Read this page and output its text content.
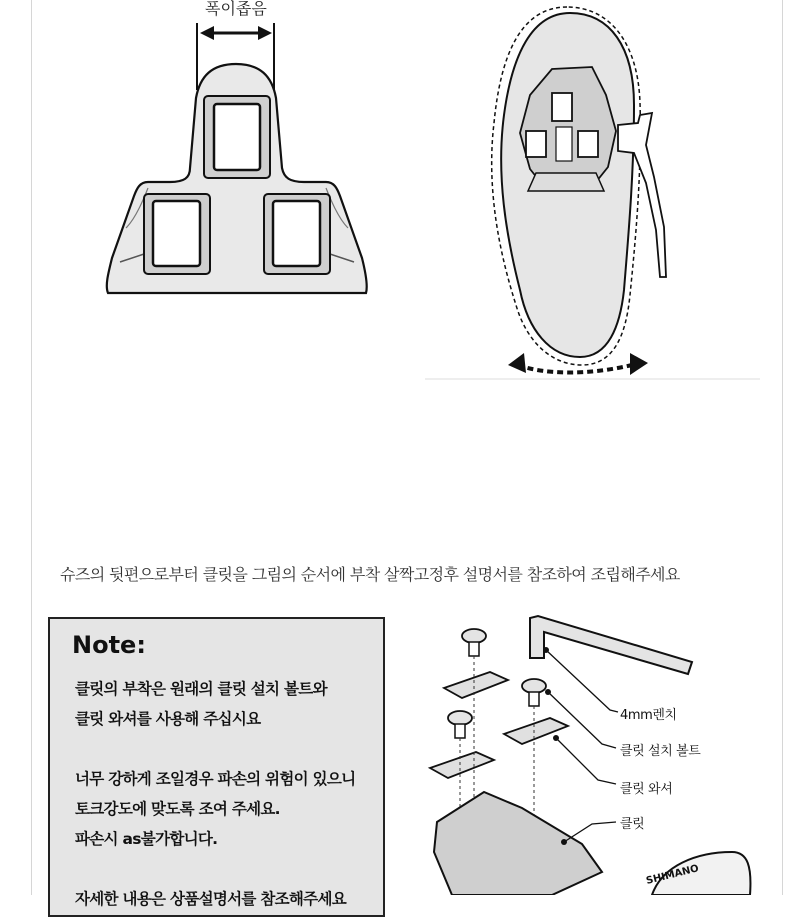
폭이좁음
슈즈의 뒷편으로부터 클릿을 그림의 순서에 부착 살짝고정후 설명서를 참조하여 조립해주세요
Note:
클릿의 부착은 원래의 클릿 설치 볼트와
클릿 와셔를 사용해 주십시요
너무 강하게 조일경우 파손의 위험이 있으니
토크강도에 맞도록 조여 주세요.
파손시 as불가합니다.
자세한 내용은 상품설명서를 참조해주세요
SHIMANO
4mm렌치
클릿 설치 볼트
클릿 와셔
클릿
